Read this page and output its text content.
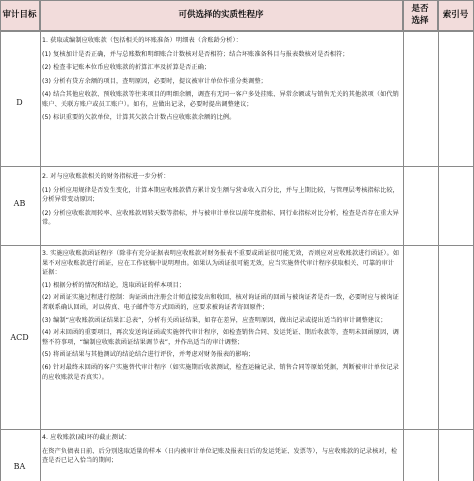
审计目标	可供选择的实质性程序
是否选择
索引号
D

1. 获取或编制应收账款（包括相关的坏账准备）明细表（含账龄分析）：

(1) 复核加计是否正确，并与总账数和明细账合计数核对是否相符；结合坏账准备科目与报表数核对是否相符；

(2) 检查非记账本位币应收账款的折算汇率及折算是否正确；

(3) 分析有贷方余额的项目，查明原因，必要时，提议被审计单位作重分类调整；

(4) 结合其他应收款、预收账款等往来项目的明细余额，调查有无同一客户多处挂账、异常余额或与销售无关的其他款项（如代销账户、关联方账户或员工账户）。如有，应做出记录，必要时提出调整建议；

(5) 标识重要的欠款单位，计算其欠款合计数占应收账款余额的比例。

AB

2. 对与应收账款相关的财务指标进一步分析：

(1) 分析应用规律是否发生变化，计算本期应收账款借方累计发生额与营业收入百分比，并与上期比较，与管理层考核指标比较，分析异常变动原因；

(2) 分析应收账款周转率、应收账款周转天数等指标，并与被审计单位以前年度指标、同行业指标对比分析，检查是否存在重大异常。

ACD

3. 实施应收账款函证程序（除非有充分证据表明应收账款对财务报表不重要或函证很可能无效，否则应对应收账款进行函证）。如果不对应收账款进行函证，应在工作底稿中说明理由。如果认为函证很可能无效，应当实施替代审计程序获取相关、可靠的审计证据：

(1) 根据分析的情况和结论，选取函证的样本项目；

(2) 对函证实施过程进行控制：询证函由注册会计师直接发出和收回，核对询证函的回函与被询证者是否一致，必要时应与被询证者联系确认回函，对以传真、电子邮件等方式回函的，应要求被询证者寄回原件；

(3) 编制“应收账款函证结果汇总表”，分析有关函证结果，如存在差异，应查明原因，做出记录或提出适当的审计调整建议；

(4) 对未回函的重要项目，再次发送询证函或实施替代审计程序，如检查销售合同、发运凭证、期后收款等，查明未回函原因，调整不符事项，“编制应收账款函证结果调节表”，并作出适当的审计调整；

(5) 将函证结果与其他测试的结论结合进行评价，并考虑对财务报表的影响；

(6) 针对最终未回函的客户实施替代审计程序（如实施期后收款测试，检查运输记录、销售合同等原始凭据，判断被审计单位记录的应收账款是否真实）。

BA

4. 应收账款(减)坏的截止测试：

在资产负债表日前、后分别选取适量的样本（日内被审计单位记账及报表日后的发运凭证、发票等），与应收账款的记录核对，检查是否已记入恰当的期间；
